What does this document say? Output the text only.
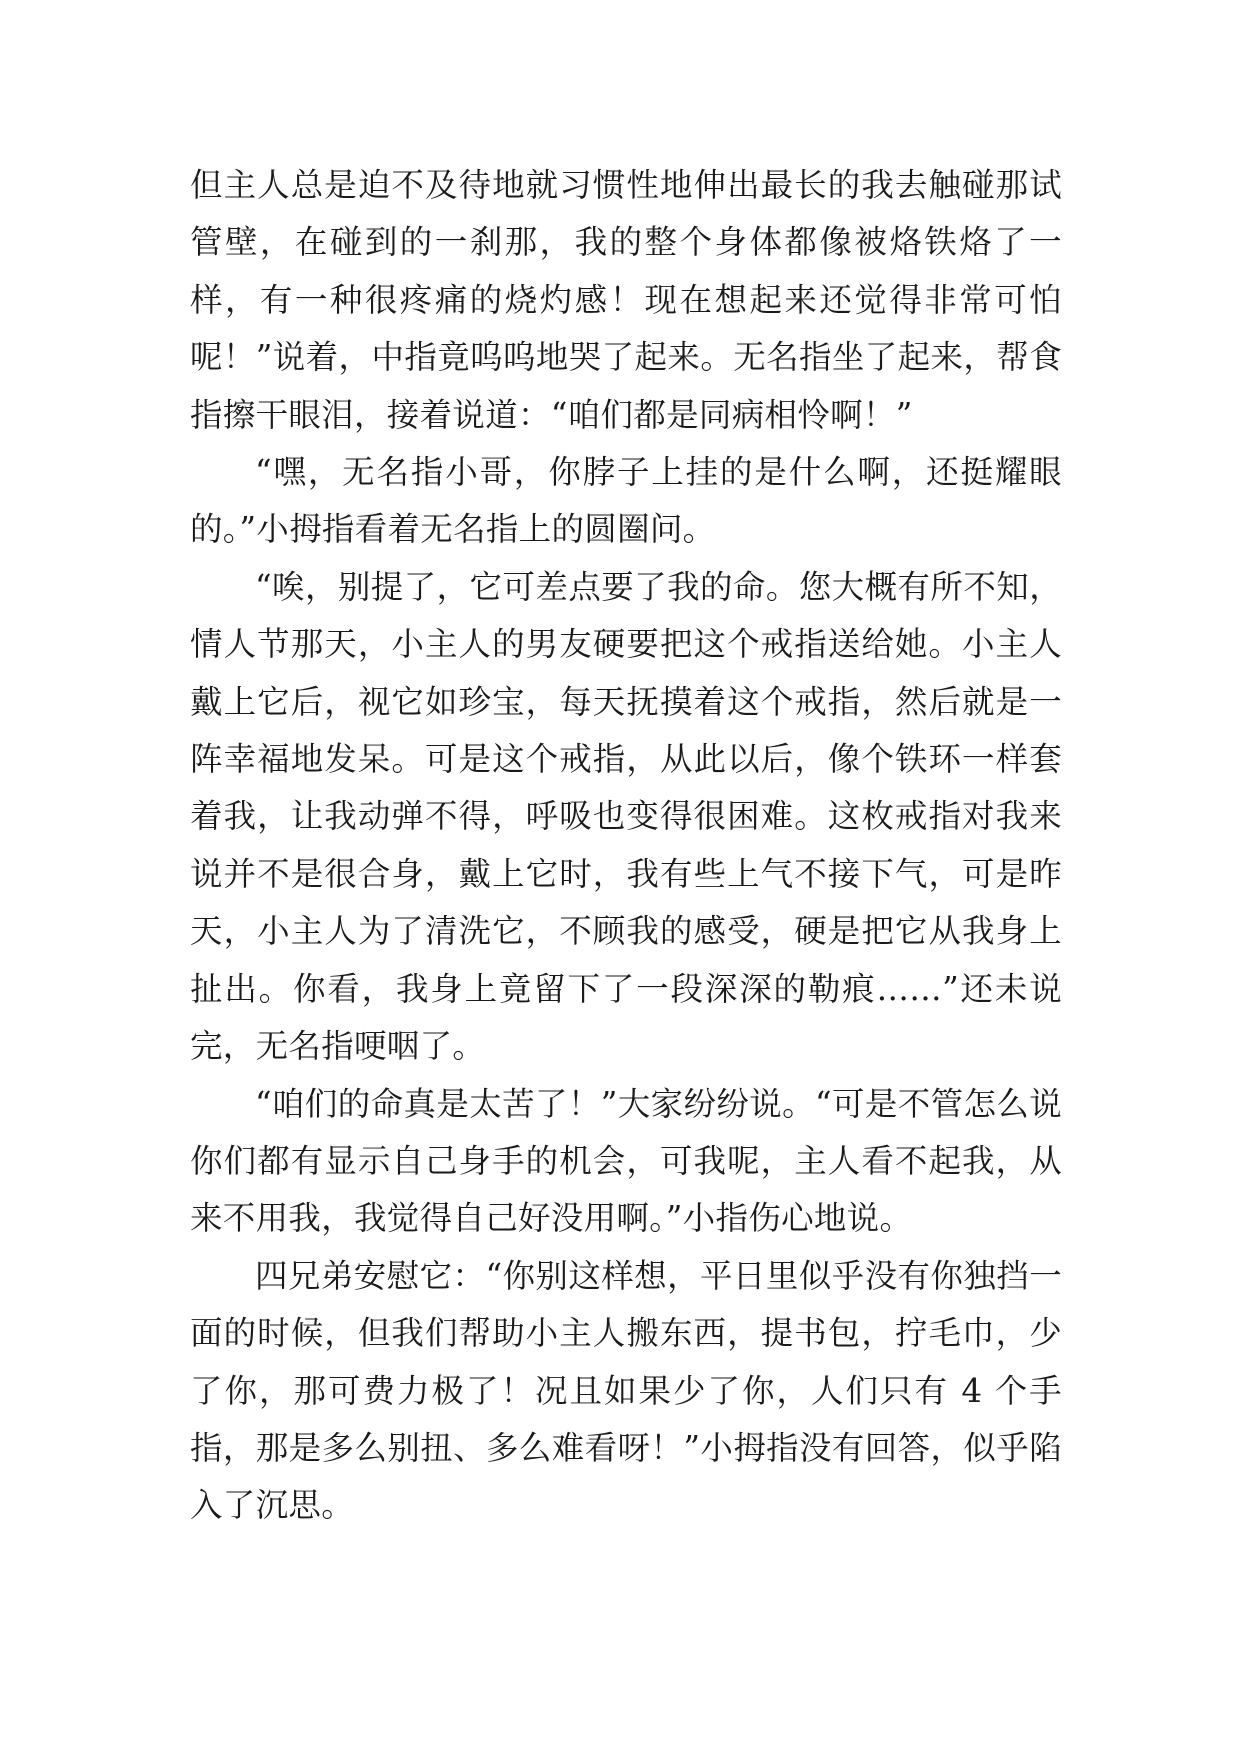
但主人总是迫不及待地就习惯性地伸出最长的我去触碰那试管壁，在碰到的一刹那，我的整个身体都像被烙铁烙了一样，有一种很疼痛的烧灼感！现在想起来还觉得非常可怕呢！”说着，中指竟呜呜地哭了起来。无名指坐了起来，帮食指擦干眼泪，接着说道：“咱们都是同病相怜啊！”

“嘿，无名指小哥，你脖子上挂的是什么啊，还挺耀眼的。”小拇指看着无名指上的圆圈问。

“唉，别提了，它可差点要了我的命。您大概有所不知，情人节那天，小主人的男友硬要把这个戒指送给她。小主人戴上它后，视它如珍宝，每天抚摸着这个戒指，然后就是一阵幸福地发呆。可是这个戒指，从此以后，像个铁环一样套着我，让我动弹不得，呼吸也变得很困难。这枚戒指对我来说并不是很合身，戴上它时，我有些上气不接下气，可是昨天，小主人为了清洗它，不顾我的感受，硬是把它从我身上扯出。你看，我身上竟留下了一段深深的勒痕……”还未说完，无名指哽咽了。

“咱们的命真是太苦了！”大家纷纷说。“可是不管怎么说你们都有显示自己身手的机会，可我呢，主人看不起我，从来不用我，我觉得自己好没用啊。”小指伤心地说。

四兄弟安慰它：“你别这样想，平日里似乎没有你独挡一面的时候，但我们帮助小主人搬东西，提书包，拧毛巾，少了你，那可费力极了！况且如果少了你，人们只有 4 个手指，那是多么别扭、多么难看呀！”小拇指没有回答，似乎陷入了沉思。
